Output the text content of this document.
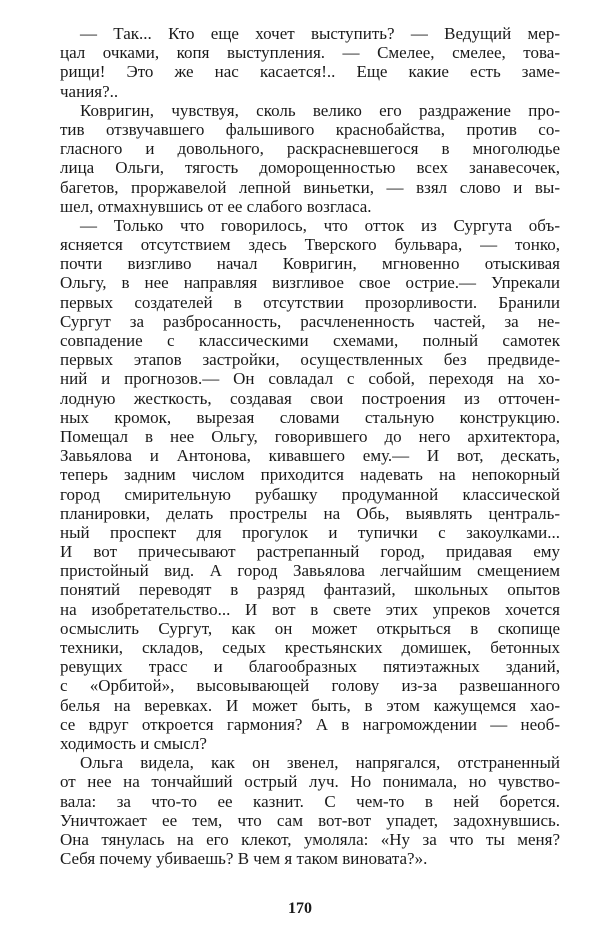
— Так... Кто еще хочет выступить? — Ведущий мер-
цал очками, копя выступления. — Смелее, смелее, това-
рищи! Это же нас касается!.. Еще какие есть заме-
чания?..
Ковригин, чувствуя, сколь велико его раздражение про-
тив отзвучавшего фальшивого краснобайства, против со-
гласного и довольного, раскрасневшегося в многолюдье
лица Ольги, тягость доморощенностью всех занавесочек,
багетов, проржавелой лепной виньетки, — взял слово и вы-
шел, отмахнувшись от ее слабого возгласа.
— Только что говорилось, что отток из Сургута объ-
ясняется отсутствием здесь Тверского бульвара, — тонко,
почти визгливо начал Ковригин, мгновенно отыскивая
Ольгу, в нее направляя визгливое свое острие.— Упрекали
первых создателей в отсутствии прозорливости. Бранили
Сургут за разбросанность, расчлененность частей, за не-
совпадение с классическими схемами, полный самотек
первых этапов застройки, осуществленных без предвиде-
ний и прогнозов.— Он совладал с собой, переходя на хо-
лодную жесткость, создавая свои построения из отточен-
ных кромок, вырезая словами стальную конструкцию.
Помещал в нее Ольгу, говорившего до него архитектора,
Завьялова и Антонова, кивавшего ему.— И вот, дескать,
теперь задним числом приходится надевать на непокорный
город смирительную рубашку продуманной классической
планировки, делать прострелы на Обь, выявлять централь-
ный проспект для прогулок и тупички с закоулками...
И вот причесывают растрепанный город, придавая ему
пристойный вид. А город Завьялова легчайшим смещением
понятий переводят в разряд фантазий, школьных опытов
на изобретательство... И вот в свете этих упреков хочется
осмыслить Сургут, как он может открыться в скопище
техники, складов, седых крестьянских домишек, бетонных
ревущих трасс и благообразных пятиэтажных зданий,
с «Орбитой», высовывающей голову из-за развешанного
белья на веревках. И может быть, в этом кажущемся хао-
се вдруг откроется гармония? А в нагромождении — необ-
ходимость и смысл?
Ольга видела, как он звенел, напрягался, отстраненный
от нее на тончайший острый луч. Но понимала, но чувство-
вала: за что-то ее казнит. С чем-то в ней борется.
Уничтожает ее тем, что сам вот-вот упадет, задохнувшись.
Она тянулась на его клекот, умоляла: «Ну за что ты меня?
Себя почему убиваешь? В чем я таком виновата?».
170
